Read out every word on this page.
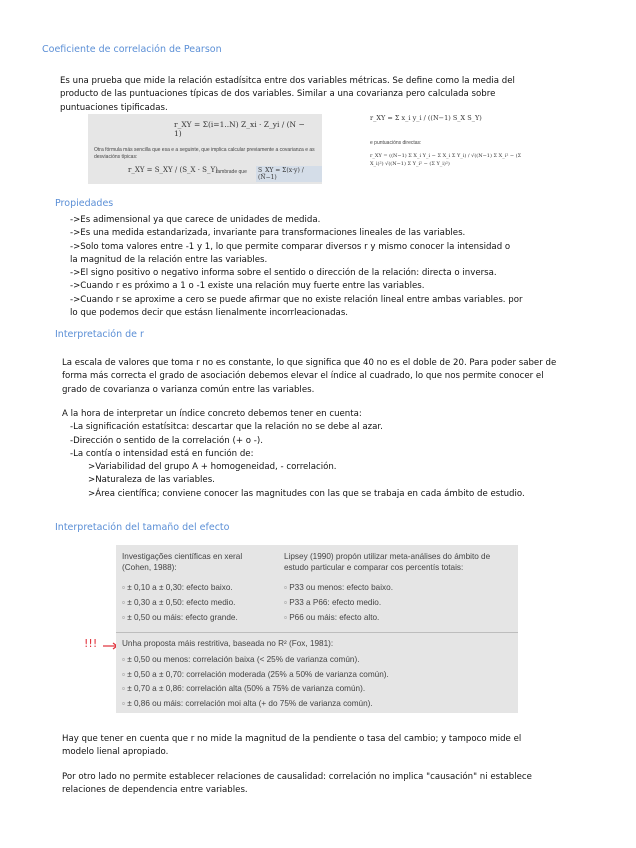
Coeficiente de correlación de Pearson
Es una prueba que mide la relación estadísitca entre dos variables métricas. Se define como la media del
producto de las puntuaciones típicas de dos variables. Similar a una covarianza pero calculada sobre
puntuaciones tipificadas.
r_XY = Σ(i=1..N) Z_xi · Z_yi / (N − 1)
Otra fórmula más sencilla que esa e a seguinte, que implica calcular previamente a covarianza e as desviacións típicas:
r_XY = S_XY / (S_X · S_Y)
tambrade que	S_XY = Σ(x·y) / (N−1)
r_XY = Σ x_i y_i / ((N−1) S_X S_Y)
e puntuacións directas:
r_XY = ((N−1) Σ X_i Y_i − Σ X_i Σ Y_i) / √((N−1) Σ X_i² − (Σ X_i)²) √((N−1) Σ Y_i² − (Σ Y_i)²)
Propiedades
->Es adimensional ya que carece de unidades de medida.
->Es una medida estandarizada, invariante para transformaciones lineales de las variables.
->Solo toma valores entre -1 y 1, lo que permite comparar diversos r y mismo conocer la intensidad o
la magnitud de la relación entre las variables.
->El signo positivo o negativo informa sobre el sentido o dirección de la relación: directa o inversa.
->Cuando r es próximo a 1 o -1 existe una relación muy fuerte entre las variables.
->Cuando r se aproxime a cero se puede afirmar que no existe relación lineal entre ambas variables. por
lo que podemos decir que estásn lienalmente incorrleacionadas.
Interpretación de r
La escala de valores que toma r no es constante, lo que significa que 40 no es el doble de 20. Para poder saber de
forma más correcta el grado de asociación debemos elevar el índice al cuadrado, lo que nos permite conocer el
grado de covarianza o varianza común entre las variables.
A la hora de interpretar un índice concreto debemos tener en cuenta:
-La significación estatísitca: descartar que la relación no se debe al azar.
-Dirección o sentido de la correlación (+ o -).
-La contía o intensidad está en función de:
>Variabilidad del grupo A + homogeneidad, - correlación.
>Naturaleza de las variables.
>Área científica; conviene conocer las magnitudes con las que se trabaja en cada ámbito de estudio.
Interpretación del tamaño del efecto
!!!
Investigações científicas en xeral
(Cohen, 1988):
▫ ± 0,10 a ± 0,30: efecto baixo.
▫ ± 0,30 a ± 0,50: efecto medio.
▫ ± 0,50 ou máis: efecto grande.
Lipsey (1990) propón utilizar meta-análises do ámbito de
estudo particular e comparar cos percentís totais:
▫ P33 ou menos: efecto baixo.
▫ P33 a P66: efecto medio.
▫ P66 ou máis: efecto alto.
Unha proposta máis restritiva, baseada no R² (Fox, 1981):
▫ ± 0,50 ou menos: correlación baixa (< 25% de varianza común).
▫ ± 0,50 a ± 0,70: correlación moderada (25% a 50% de varianza común).
▫ ± 0,70 a ± 0,86: correlación alta (50% a 75% de varianza común).
▫ ± 0,86 ou máis: correlación moi alta (+ do 75% de varianza común).
Hay que tener en cuenta que r no mide la magnitud de la pendiente o tasa del cambio; y tampoco mide el
modelo lienal apropiado.
Por otro lado no permite establecer relaciones de causalidad: correlación no implica "causación" ni establece
relaciones de dependencia entre variables.
